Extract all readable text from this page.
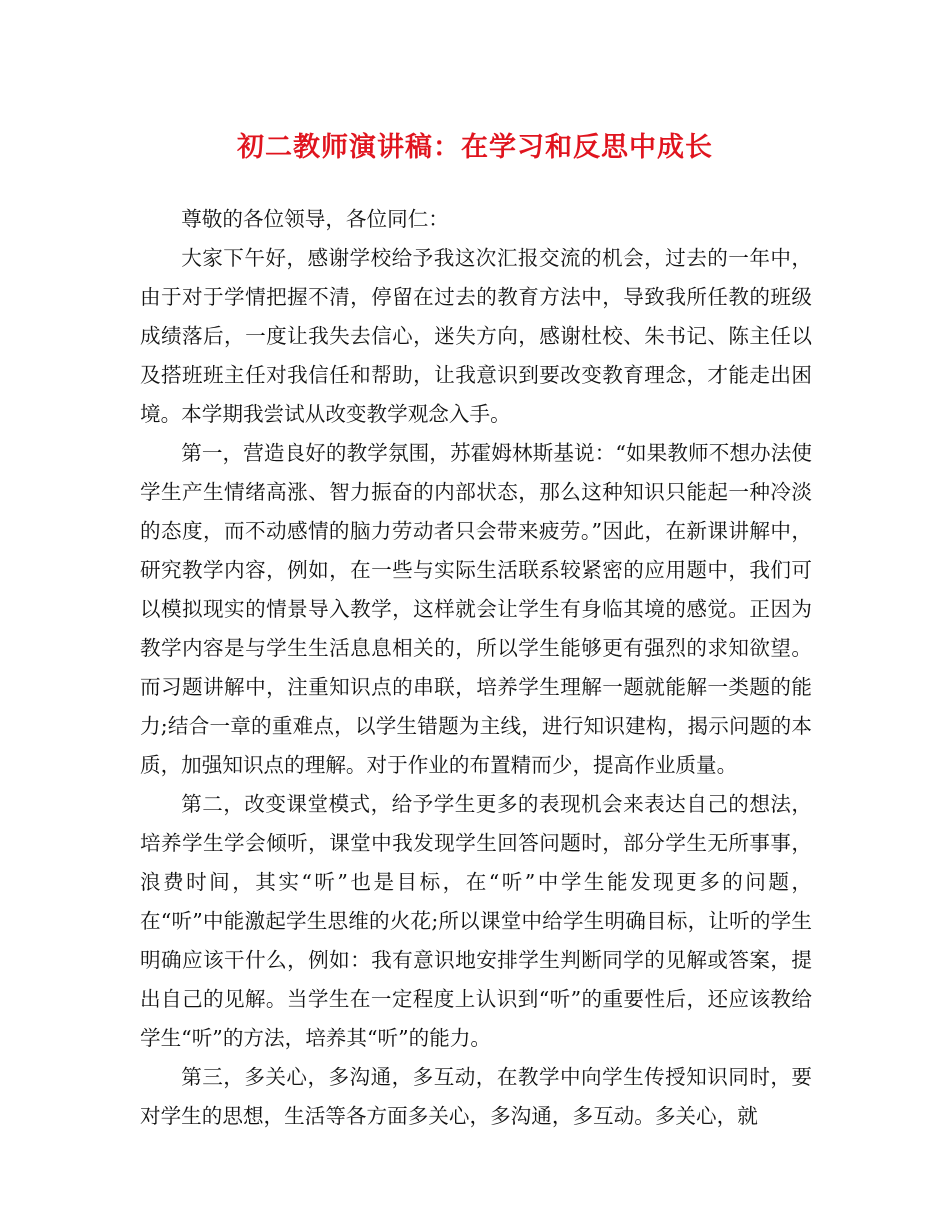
初二教师演讲稿：在学习和反思中成长

尊敬的各位领导，各位同仁：

大家下午好，感谢学校给予我这次汇报交流的机会，过去的一年中，由于对于学情把握不清，停留在过去的教育方法中，导致我所任教的班级成绩落后，一度让我失去信心，迷失方向，感谢杜校、朱书记、陈主任以及搭班班主任对我信任和帮助，让我意识到要改变教育理念，才能走出困境。本学期我尝试从改变教学观念入手。

第一，营造良好的教学氛围，苏霍姆林斯基说：“如果教师不想办法使学生产生情绪高涨、智力振奋的内部状态，那么这种知识只能起一种冷淡的态度，而不动感情的脑力劳动者只会带来疲劳。”因此，在新课讲解中，研究教学内容，例如，在一些与实际生活联系较紧密的应用题中，我们可以模拟现实的情景导入教学，这样就会让学生有身临其境的感觉。正因为教学内容是与学生生活息息相关的，所以学生能够更有强烈的求知欲望。而习题讲解中，注重知识点的串联，培养学生理解一题就能解一类题的能力;结合一章的重难点，以学生错题为主线，进行知识建构，揭示问题的本质，加强知识点的理解。对于作业的布置精而少，提高作业质量。

第二，改变课堂模式，给予学生更多的表现机会来表达自己的想法，培养学生学会倾听，课堂中我发现学生回答问题时，部分学生无所事事，浪费时间，其实“听”也是目标，在“听”中学生能发现更多的问题，在“听”中能激起学生思维的火花;所以课堂中给学生明确目标，让听的学生明确应该干什么，例如：我有意识地安排学生判断同学的见解或答案，提出自己的见解。当学生在一定程度上认识到“听”的重要性后，还应该教给学生“听”的方法，培养其“听”的能力。

第三，多关心，多沟通，多互动，在教学中向学生传授知识同时，要对学生的思想，生活等各方面多关心，多沟通，多互动。多关心，就
